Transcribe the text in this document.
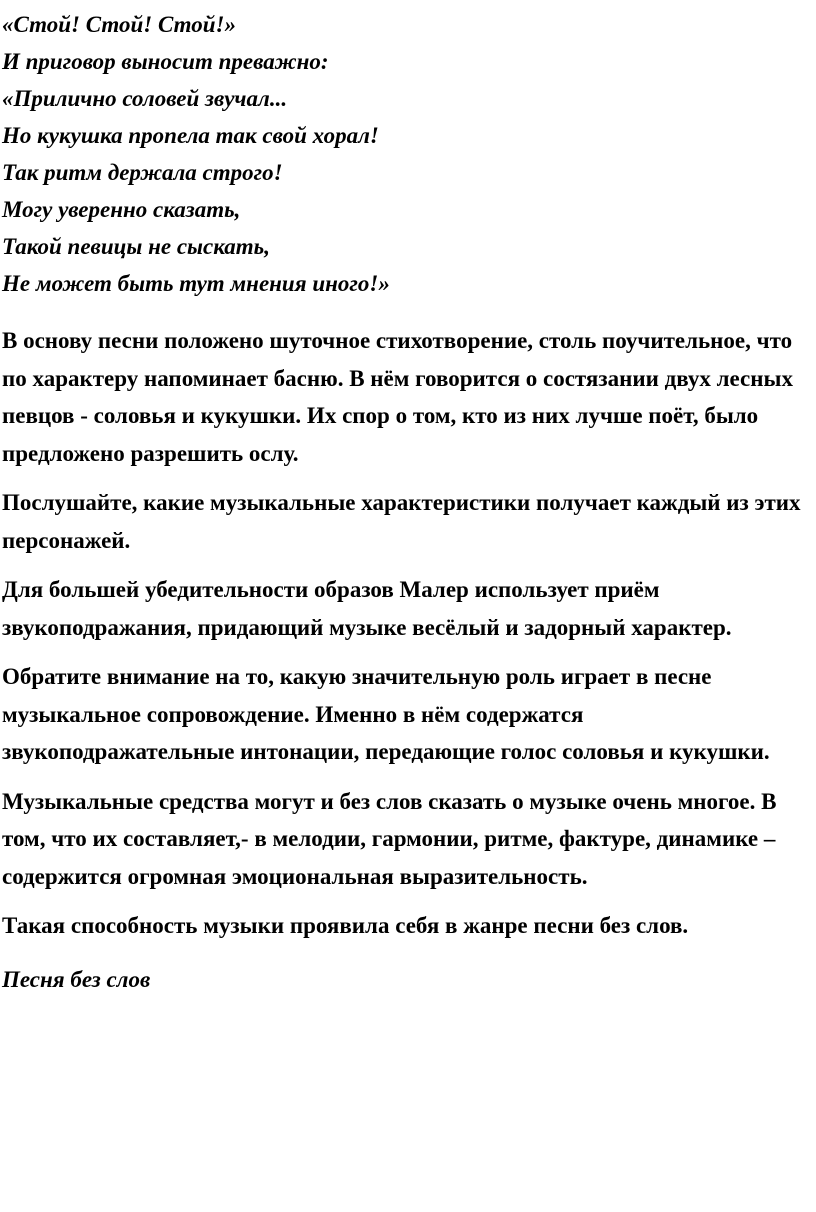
«Стой! Стой! Стой!»
И приговор выносит преважно:
«Прилично соловей звучал...
Но кукушка пропела так свой хорал!
Так ритм держала строго!
Могу уверенно сказать,
Такой певицы не сыскать,
Не может быть тут мнения иного!»

В основу песни положено шуточное стихотворение, столь поучительное, что по характеру напоминает басню. В нём говорится о состязании двух лесных певцов - соловья и кукушки. Их спор о том, кто из них лучше поёт, было предложено разрешить ослу.

Послушайте, какие музыкальные характеристики получает каждый из этих персонажей.

Для большей убедительности образов Малер использует приём звукоподражания, придающий музыке весёлый и задорный характер.

Обратите внимание на то, какую значительную роль играет в песне музыкальное сопровождение. Именно в нём содержатся звукоподражательные интонации, передающие голос соловья и кукушки.

Музыкальные средства могут и без слов сказать о музыке очень многое. В том, что их составляет,- в мелодии, гармонии, ритме, фактуре, динамике – содержится огромная эмоциональная выразительность.

Такая способность музыки проявила себя в жанре песни без слов.

Песня без слов
